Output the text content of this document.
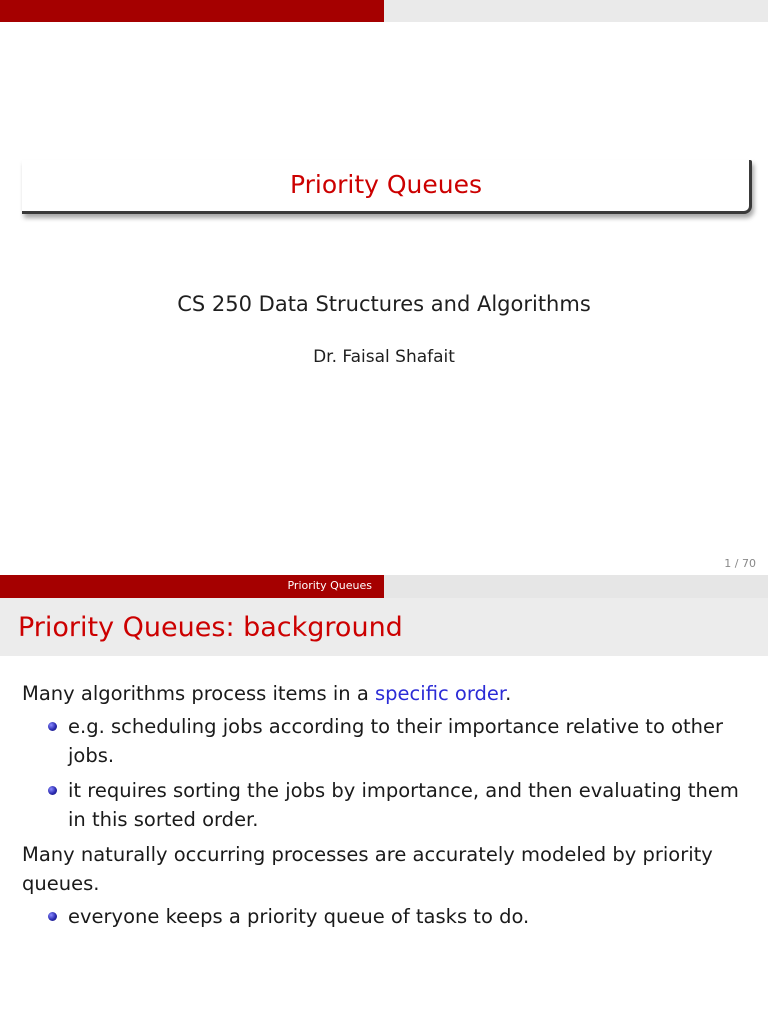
Priority Queues
CS 250 Data Structures and Algorithms
Dr. Faisal Shafait
1 / 70
Priority Queues
Priority Queues: background

Many algorithms process items in a specific order.

e.g. scheduling jobs according to their importance relative to other jobs.
it requires sorting the jobs by importance, and then evaluating them in this sorted order.

Many naturally occurring processes are accurately modeled by priority queues.

everyone keeps a priority queue of tasks to do.
